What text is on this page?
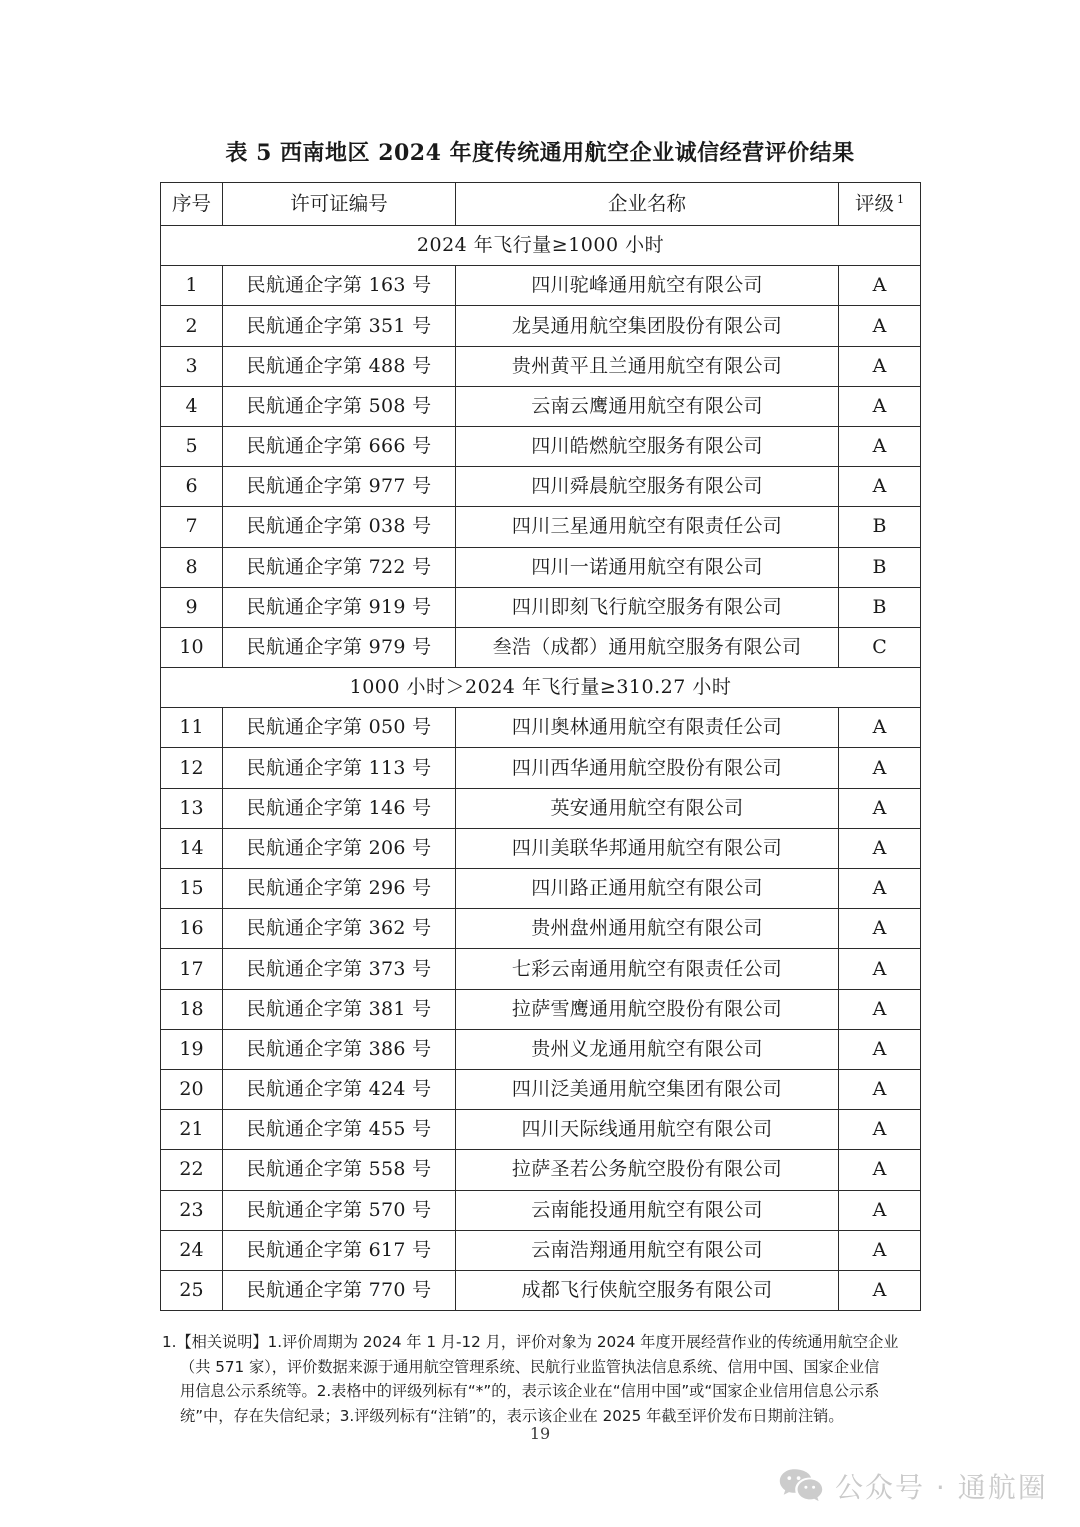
表 5 西南地区 2024 年度传统通用航空企业诚信经营评价结果
序号	许可证编号	企业名称	评级 $^1$
2024 年飞行量≥1000 小时			
1	民航通企字第 163 号	四川驼峰通用航空有限公司	A
2	民航通企字第 351 号	龙昊通用航空集团股份有限公司	A
3	民航通企字第 488 号	贵州黄平且兰通用航空有限公司	A
4	民航通企字第 508 号	云南云鹰通用航空有限公司	A
5	民航通企字第 666 号	四川皓燃航空服务有限公司	A
6	民航通企字第 977 号	四川舜晨航空服务有限公司	A
7	民航通企字第 038 号	四川三星通用航空有限责任公司	B
8	民航通企字第 722 号	四川一诺通用航空有限公司	B
9	民航通企字第 919 号	四川即刻飞行航空服务有限公司	B
10	民航通企字第 979 号	叁浩（成都）通用航空服务有限公司	C
1000 小时＞2024 年飞行量≥310.27 小时			
11	民航通企字第 050 号	四川奥林通用航空有限责任公司	A
12	民航通企字第 113 号	四川西华通用航空股份有限公司	A
13	民航通企字第 146 号	英安通用航空有限公司	A
14	民航通企字第 206 号	四川美联华邦通用航空有限公司	A
15	民航通企字第 296 号	四川路正通用航空有限公司	A
16	民航通企字第 362 号	贵州盘州通用航空有限公司	A
17	民航通企字第 373 号	七彩云南通用航空有限责任公司	A
18	民航通企字第 381 号	拉萨雪鹰通用航空股份有限公司	A
19	民航通企字第 386 号	贵州义龙通用航空有限公司	A
20	民航通企字第 424 号	四川泛美通用航空集团有限公司	A
21	民航通企字第 455 号	四川天际线通用航空有限公司	A
22	民航通企字第 558 号	拉萨圣若公务航空股份有限公司	A
23	民航通企字第 570 号	云南能投通用航空有限公司	A
24	民航通企字第 617 号	云南浩翔通用航空有限公司	A
25	民航通企字第 770 号	成都飞行侠航空服务有限公司	A
1.【相关说明】1.评价周期为 2024 年 1 月-12 月，评价对象为 2024 年度开展经营作业的传统通用航空企业
（共 571 家），评价数据来源于通用航空管理系统、民航行业监管执法信息系统、信用中国、国家企业信
用信息公示系统等。2.表格中的评级列标有“*”的，表示该企业在“信用中国”或“国家企业信用信息公示系
统”中，存在失信纪录；3.评级列标有“注销”的，表示该企业在 2025 年截至评价发布日期前注销。
19
公众号 · 通航圈
